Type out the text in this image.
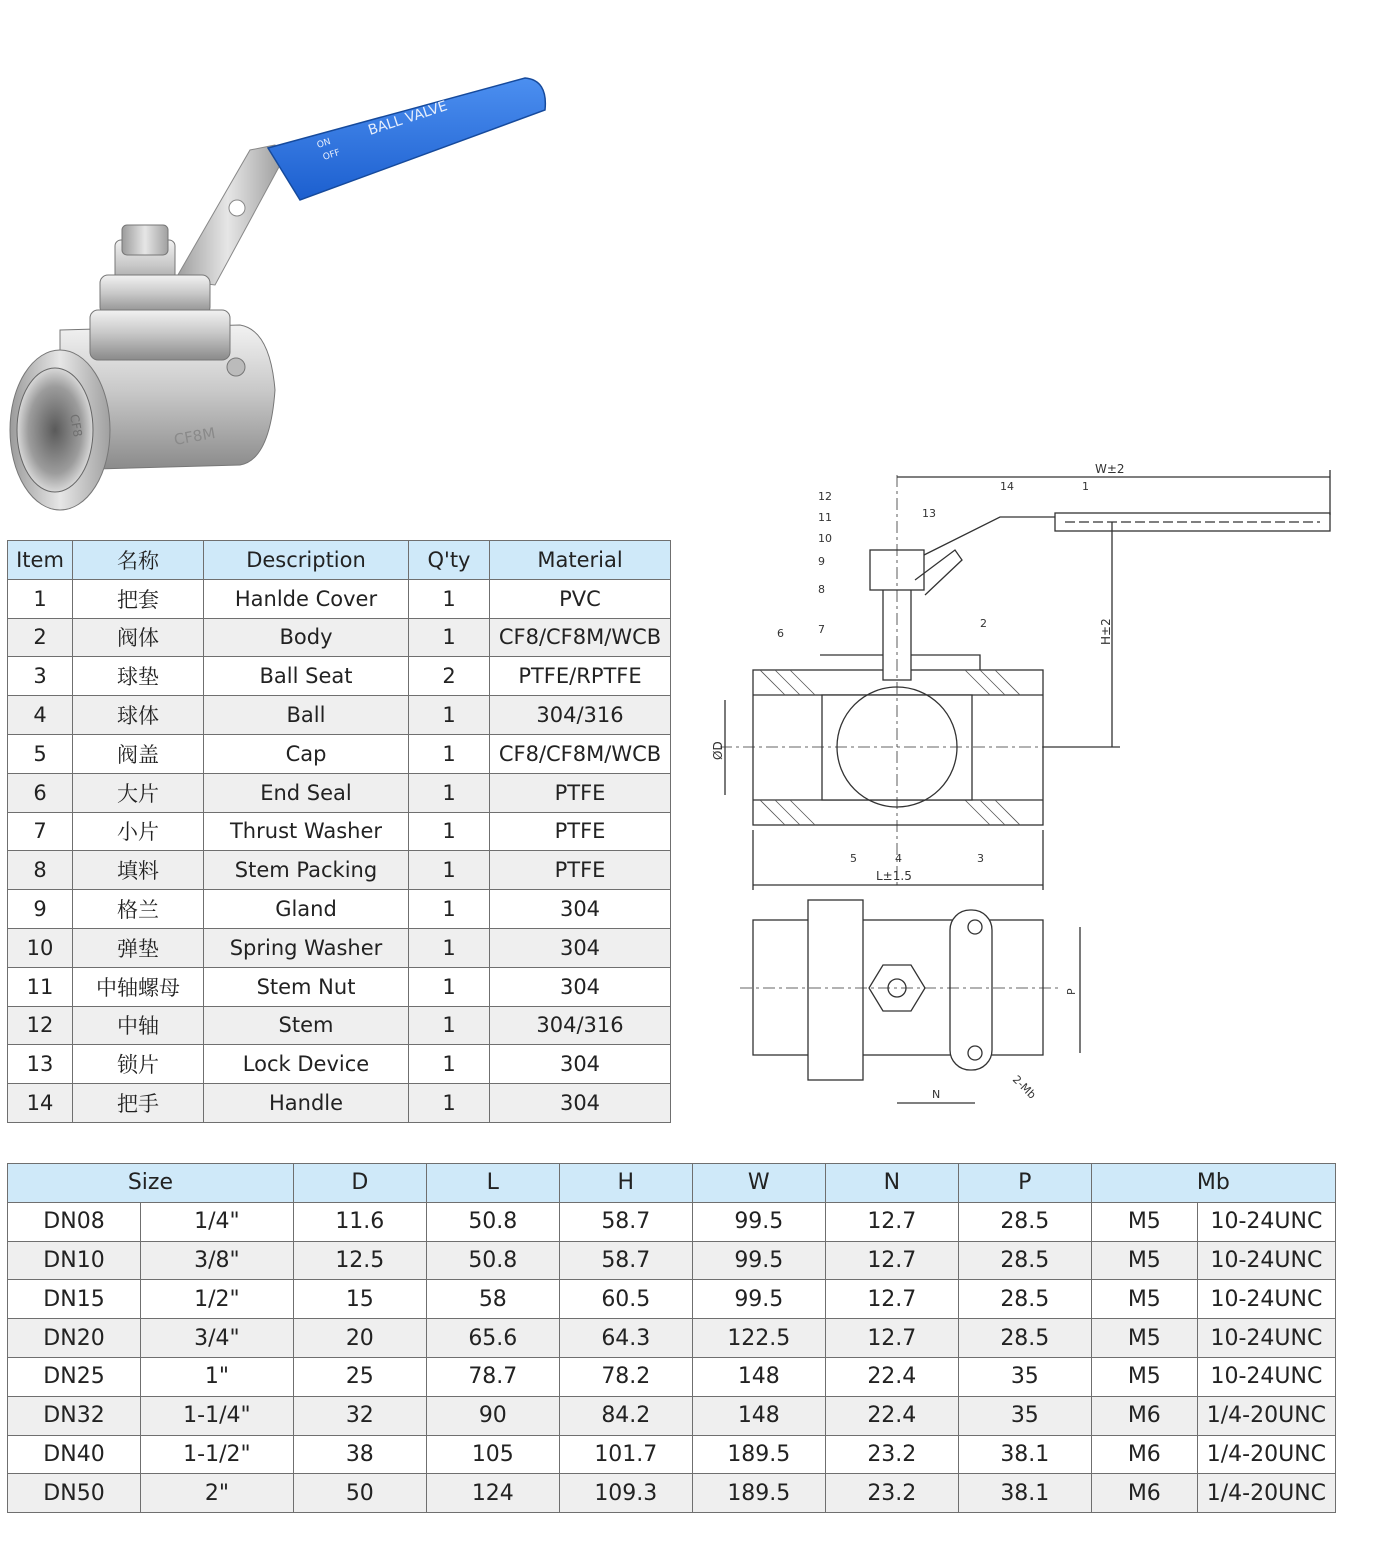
BALL VALVE
ON
OFF
CF8M
CF8
W±2
H±2
ØD
L±1.5
12
11
10
9
8
7
6
13
14	1
2
3
4
5
P
N	2-Mb
Item	名称	Description	Q'ty	Material
1	把套	Hanlde Cover	1	PVC
2	阀体	Body	1	CF8/CF8M/WCB
3	球垫	Ball Seat	2	PTFE/RPTFE
4	球体	Ball	1	304/316
5	阀盖	Cap	1	CF8/CF8M/WCB
6	大片	End Seal	1	PTFE
7	小片	Thrust Washer	1	PTFE
8	填料	Stem Packing	1	PTFE
9	格兰	Gland	1	304
10	弹垫	Spring Washer	1	304
11	中轴螺母	Stem Nut	1	304
12	中轴	Stem	1	304/316
13	锁片	Lock Device	1	304
14	把手	Handle	1	304
Size		D	L	H	W	N	P	Mb	
DN08	1/4"	11.6	50.8	58.7	99.5	12.7	28.5	M5	10-24UNC
DN10	3/8"	12.5	50.8	58.7	99.5	12.7	28.5	M5	10-24UNC
DN15	1/2"	15	58	60.5	99.5	12.7	28.5	M5	10-24UNC
DN20	3/4"	20	65.6	64.3	122.5	12.7	28.5	M5	10-24UNC
DN25	1"	25	78.7	78.2	148	22.4	35	M5	10-24UNC
DN32	1-1/4"	32	90	84.2	148	22.4	35	M6	1/4-20UNC
DN40	1-1/2"	38	105	101.7	189.5	23.2	38.1	M6	1/4-20UNC
DN50	2"	50	124	109.3	189.5	23.2	38.1	M6	1/4-20UNC
